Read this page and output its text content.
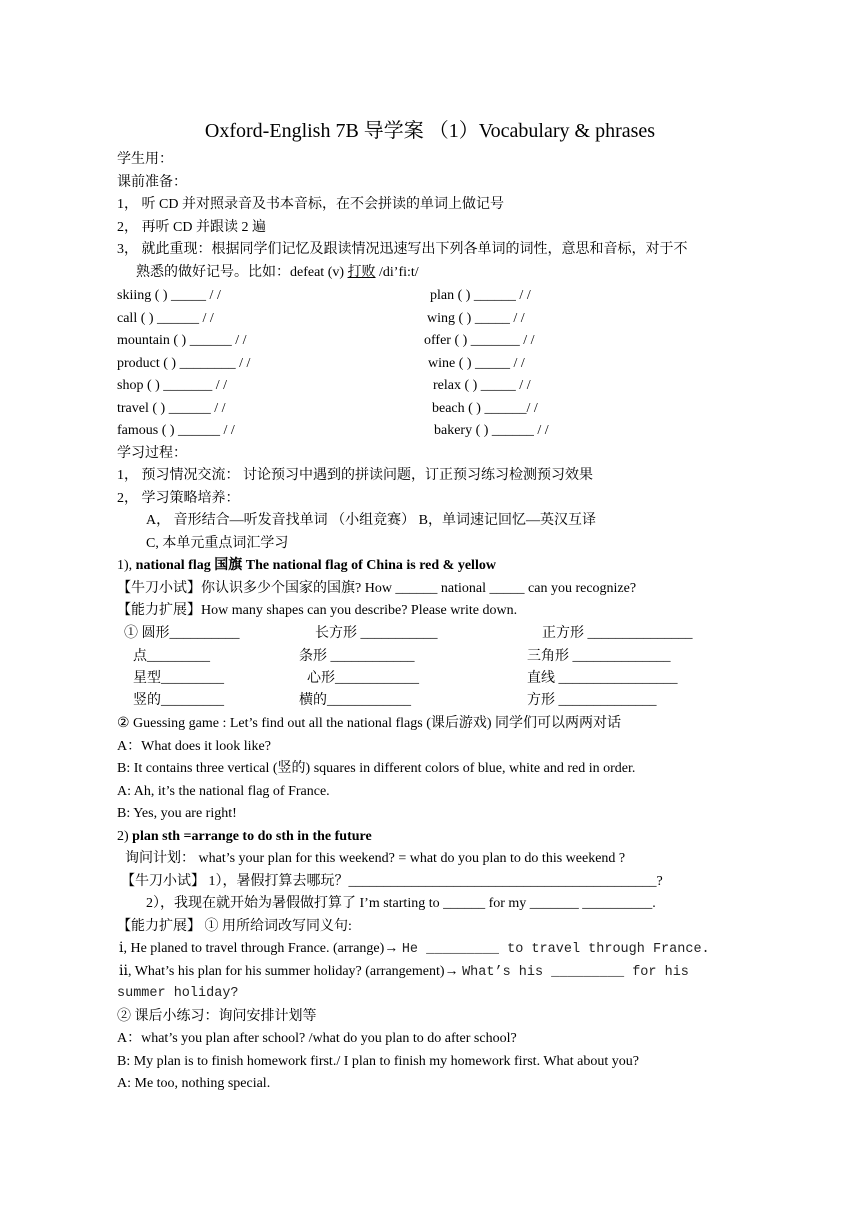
Oxford-English 7B 导学案 （1）Vocabulary & phrases
学生用：
课前准备：
1， 听 CD 并对照录音及书本音标，在不会拼读的单词上做记号
2， 再听 CD 并跟读 2 遍
3， 就此重现：根据同学们记忆及跟读情况迅速写出下列各单词的词性，意思和音标，对于不
熟悉的做好记号。比如：defeat (v) 打败 /di’fi:t/
skiing ( ) _____ / /
call ( ) ______ / /
mountain ( ) ______ / /
product ( ) ________ / /
shop ( ) _______ / /
travel ( ) ______ / /
famous ( ) ______ / /
plan ( ) ______ / /
wing ( ) _____ / /
offer ( ) _______ / /
wine ( ) _____ / /
relax ( ) _____ / /
beach ( ) ______/ /
bakery ( ) ______ / /
学习过程：
1， 预习情况交流： 讨论预习中遇到的拼读问题，订正预习练习检测预习效果
2， 学习策略培养：
A， 音形结合—听发音找单词 （小组竞赛） B，单词速记回忆—英汉互译
C, 本单元重点词汇学习
1), national flag 国旗 The national flag of China is red & yellow
【牛刀小试】你认识多少个国家的国旗? How ______ national _____ can you recognize?
【能力扩展】How many shapes can you describe? Please write down.
① 圆形__________
点_________
星型_________
竖的_________
长方形 ___________
条形 ____________
心形____________
横的____________
正方形 _______________
三角形 ______________
直线 _________________
方形 ______________
② Guessing game : Let’s find out all the national flags (课后游戏) 同学们可以两两对话
A：What does it look like?
B: It contains three vertical (竖的) squares in different colors of blue, white and red in order.
A: Ah, it’s the national flag of France.
B: Yes, you are right!
2) plan sth =arrange to do sth in the future
询问计划： what’s your plan for this weekend? = what do you plan to do this weekend ?
【牛刀小试】 1），暑假打算去哪玩？____________________________________________?
2），我现在就开始为暑假做打算了 I’m starting to ______ for my _______ __________.
【能力扩展】 ① 用所给词改写同义句:
ⅰ, He planed to travel through France. (arrange)→ He _________ to travel through France.
ⅱ, What’s his plan for his summer holiday? (arrangement)→ What’s his _________ for his
summer holiday?
② 课后小练习：询问安排计划等
A：what’s you plan after school? /what do you plan to do after school?
B: My plan is to finish homework first./ I plan to finish my homework first. What about you?
A: Me too, nothing special.
